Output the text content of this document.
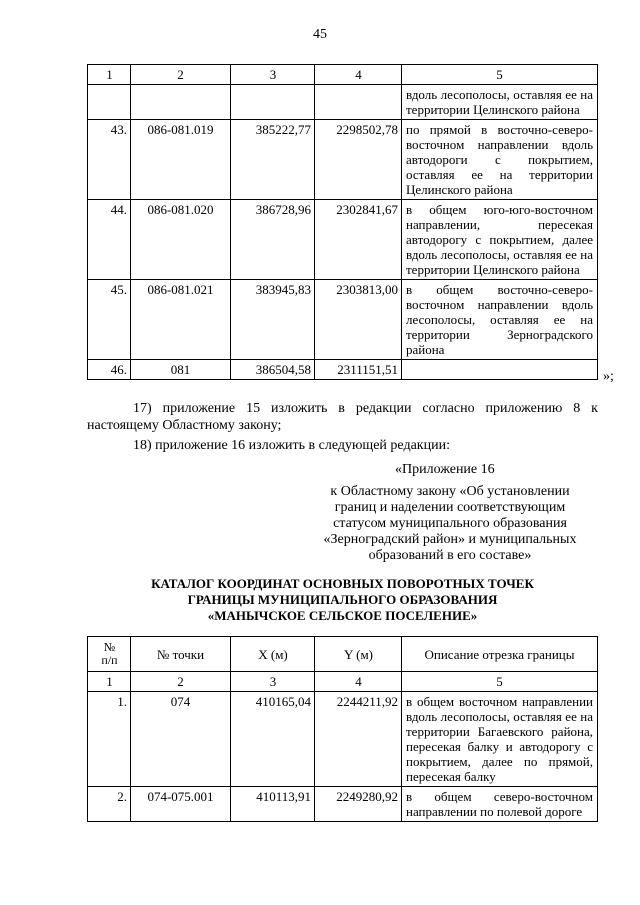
45
1	2	3	4	5
				вдоль лесополосы, оставляя ее на территории Целинского района
43.	086-081.019	385222,77	2298502,78	по прямой в восточно-северо-восточном направлении вдоль автодороги с покрытием, оставляя ее на территории Целинского района
44.	086-081.020	386728,96	2302841,67	в общем юго-юго-восточном направлении, пересекая автодорогу с покрытием, далее вдоль лесополосы, оставляя ее на территории Целинского района
45.	086-081.021	383945,83	2303813,00	в общем восточно-северо-восточном направлении вдоль лесополосы, оставляя ее на территории Зерноградского района
46.	081	386504,58	2311151,51		»;
17) приложение 15 изложить в редакции согласно приложению 8 к настоящему Областному закону;
18) приложение 16 изложить в следующей редакции:
«Приложение 16
к Областному закону «Об установлении
границ и наделении соответствующим
статусом муниципального образования
«Зерноградский район» и муниципальных
образований в его составе»
КАТАЛОГ КООРДИНАТ ОСНОВНЫХ ПОВОРОТНЫХ ТОЧЕК
ГРАНИЦЫ МУНИЦИПАЛЬНОГО ОБРАЗОВАНИЯ
«МАНЫЧСКОЕ СЕЛЬСКОЕ ПОСЕЛЕНИЕ»
№
п/п	№ точки	X (м)	Y (м)	Описание отрезка границы
1	2	3	4	5
1.	074	410165,04	2244211,92	в общем восточном направлении вдоль лесополосы, оставляя ее на территории Багаевского района, пересекая балку и автодорогу с покрытием, далее по прямой, пересекая балку
2.	074-075.001	410113,91	2249280,92	в общем северо-восточном направлении по полевой дороге
